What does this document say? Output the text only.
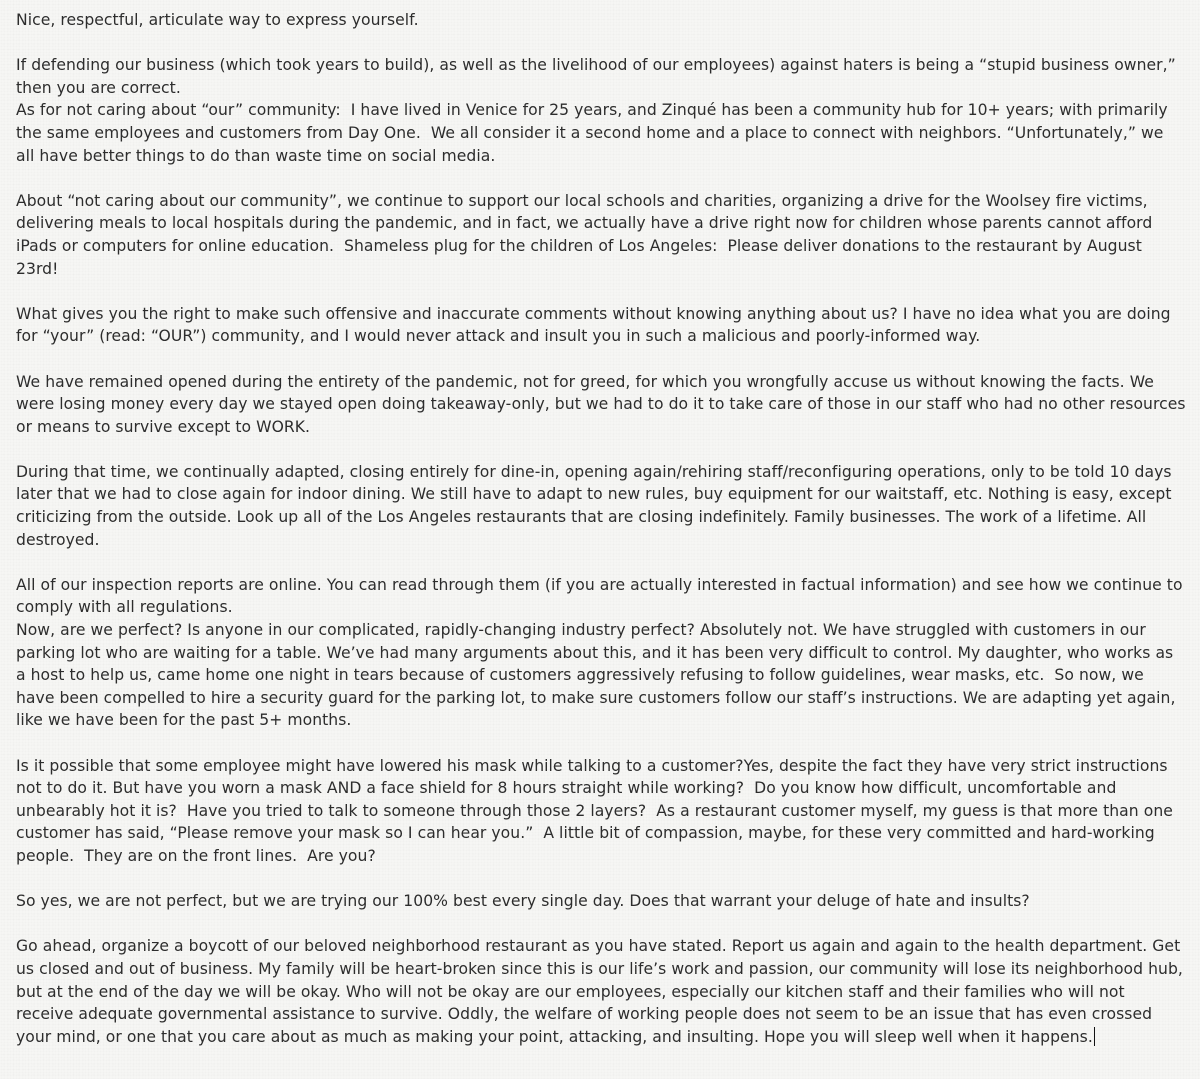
Nice, respectful, articulate way to express yourself.

If defending our business (which took years to build), as well as the livelihood of our employees) against haters is being a “stupid business owner,” then you are correct.

As for not caring about “our” community:  I have lived in Venice for 25 years, and Zinqué has been a community hub for 10+ years; with primarily the same employees and customers from Day One.  We all consider it a second home and a place to connect with neighbors. “Unfortunately,” we all have better things to do than waste time on social media.

About “not caring about our community”, we continue to support our local schools and charities, organizing a drive for the Woolsey fire victims, delivering meals to local hospitals during the pandemic, and in fact, we actually have a drive right now for children whose parents cannot afford iPads or computers for online education.  Shameless plug for the children of Los Angeles:  Please deliver donations to the restaurant by August 23rd!

What gives you the right to make such offensive and inaccurate comments without knowing anything about us? I have no idea what you are doing for “your” (read: “OUR”) community, and I would never attack and insult you in such a malicious and poorly-informed way.

We have remained opened during the entirety of the pandemic, not for greed, for which you wrongfully accuse us without knowing the facts. We were losing money every day we stayed open doing takeaway-only, but we had to do it to take care of those in our staff who had no other resources or means to survive except to WORK.

During that time, we continually adapted, closing entirely for dine-in, opening again/rehiring staff/reconfiguring operations, only to be told 10 days later that we had to close again for indoor dining. We still have to adapt to new rules, buy equipment for our waitstaff, etc. Nothing is easy, except criticizing from the outside. Look up all of the Los Angeles restaurants that are closing indefinitely. Family businesses. The work of a lifetime. All destroyed.

All of our inspection reports are online. You can read through them (if you are actually interested in factual information) and see how we continue to comply with all regulations.

Now, are we perfect? Is anyone in our complicated, rapidly-changing industry perfect? Absolutely not. We have struggled with customers in our parking lot who are waiting for a table. We’ve had many arguments about this, and it has been very difficult to control. My daughter, who works as a host to help us, came home one night in tears because of customers aggressively refusing to follow guidelines, wear masks, etc.  So now, we have been compelled to hire a security guard for the parking lot, to make sure customers follow our staff’s instructions. We are adapting yet again, like we have been for the past 5+ months.

Is it possible that some employee might have lowered his mask while talking to a customer?Yes, despite the fact they have very strict instructions not to do it. But have you worn a mask AND a face shield for 8 hours straight while working?  Do you know how difficult, uncomfortable and unbearably hot it is?  Have you tried to talk to someone through those 2 layers?  As a restaurant customer myself, my guess is that more than one customer has said, “Please remove your mask so I can hear you.”  A little bit of compassion, maybe, for these very committed and hard-working people.  They are on the front lines.  Are you?

So yes, we are not perfect, but we are trying our 100% best every single day. Does that warrant your deluge of hate and insults?

Go ahead, organize a boycott of our beloved neighborhood restaurant as you have stated. Report us again and again to the health department. Get us closed and out of business. My family will be heart-broken since this is our life’s work and passion, our community will lose its neighborhood hub, but at the end of the day we will be okay. Who will not be okay are our employees, especially our kitchen staff and their families who will not receive adequate governmental assistance to survive. Oddly, the welfare of working people does not seem to be an issue that has even crossed your mind, or one that you care about as much as making your point, attacking, and insulting. Hope you will sleep well when it happens.
